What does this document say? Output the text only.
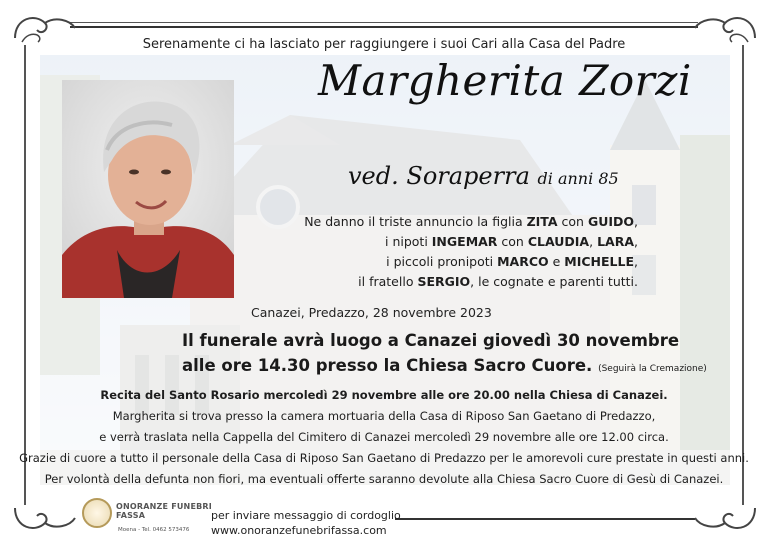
Serenamente ci ha lasciato per raggiungere i suoi Cari alla Casa del Padre
Margherita Zorzi
ved. Soraperra di anni 85
Ne danno il triste annuncio la figlia ZITA con GUIDO,
i nipoti INGEMAR con CLAUDIA, LARA,
i piccoli pronipoti MARCO e MICHELLE,
il fratello SERGIO, le cognate e parenti tutti.
Canazei, Predazzo, 28 novembre 2023
Il funerale avrà luogo a Canazei giovedì 30 novembre
alle ore 14.30 presso la Chiesa Sacro Cuore. (Seguirà la Cremazione)
Recita del Santo Rosario mercoledì 29 novembre alle ore 20.00 nella Chiesa di Canazei.
Margherita si trova presso la camera mortuaria della Casa di Riposo San Gaetano di Predazzo,
e verrà traslata nella Cappella del Cimitero di Canazei mercoledì 29 novembre alle ore 12.00 circa.
Grazie di cuore a tutto il personale della Casa di Riposo San Gaetano di Predazzo per le amorevoli cure prestate in questi anni.
Per volontà della defunta non fiori, ma eventuali offerte saranno devolute alla Chiesa Sacro Cuore di Gesù di Canazei.
ONORANZE FUNEBRI FASSA
Moena - Tel. 0462 573476
per inviare messaggio di cordoglio
www.onoranzefunebrifassa.com
